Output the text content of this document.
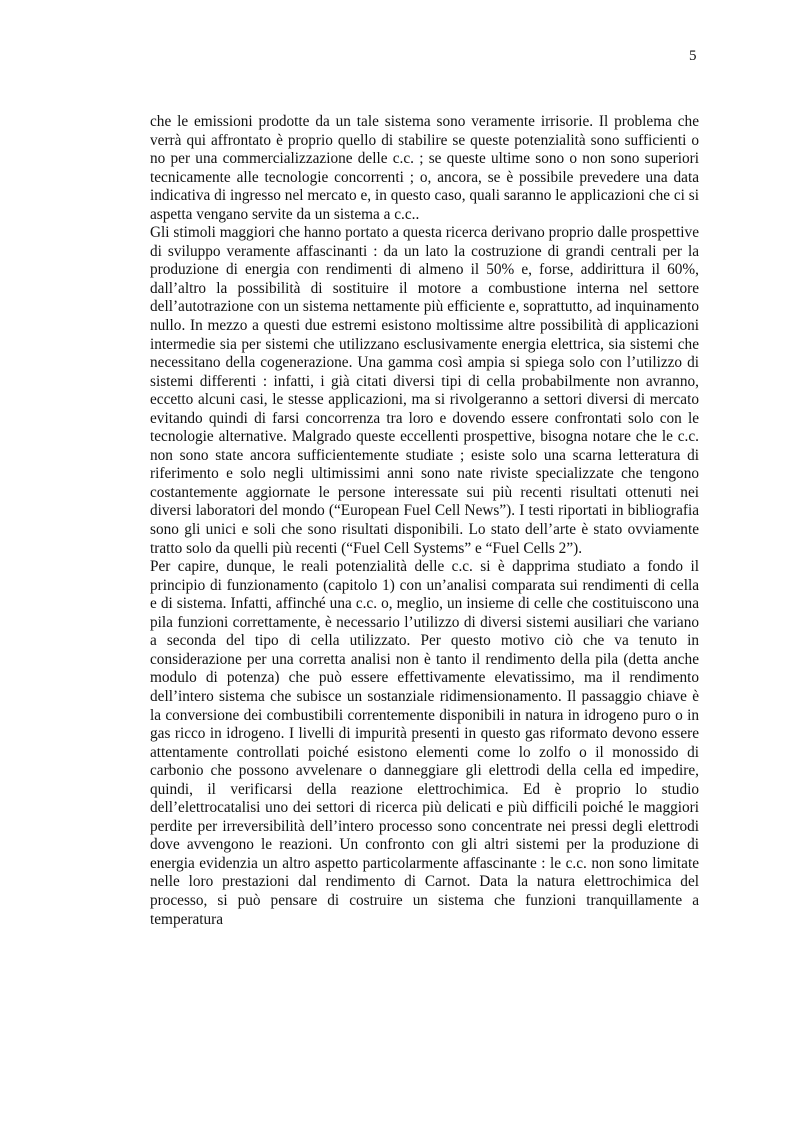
5

che le emissioni prodotte da un tale sistema sono veramente irrisorie. Il problema che verrà qui affrontato è proprio quello di stabilire se queste potenzialità sono sufficienti o no per una commercializzazione delle c.c. ; se queste ultime sono o non sono superiori tecnicamente alle tecnologie concorrenti ; o, ancora, se è possibile prevedere una data indicativa di ingresso nel mercato e, in questo caso, quali saranno le applicazioni che ci si aspetta vengano servite da un sistema a c.c..

Gli stimoli maggiori che hanno portato a questa ricerca derivano proprio dalle prospettive di sviluppo veramente affascinanti : da un lato la costruzione di grandi centrali per la produzione di energia con rendimenti di almeno il 50% e, forse, addirittura il 60%, dall’altro la possibilità di sostituire il motore a combustione interna nel settore dell’autotrazione con un sistema nettamente più efficiente e, soprattutto, ad inquinamento nullo. In mezzo a questi due estremi esistono moltissime altre possibilità di applicazioni intermedie sia per sistemi che utilizzano esclusivamente energia elettrica, sia sistemi che necessitano della cogenerazione. Una gamma così ampia si spiega solo con l’utilizzo di sistemi differenti : infatti, i già citati diversi tipi di cella probabilmente non avranno, eccetto alcuni casi, le stesse applicazioni, ma si rivolgeranno a settori diversi di mercato evitando quindi di farsi concorrenza tra loro e dovendo essere confrontati solo con le tecnologie alternative. Malgrado queste eccellenti prospettive, bisogna notare che le c.c. non sono state ancora sufficientemente studiate ; esiste solo una scarna letteratura di riferimento e solo negli ultimissimi anni sono nate riviste specializzate che tengono costantemente aggiornate le persone interessate sui più recenti risultati ottenuti nei diversi laboratori del mondo (“European Fuel Cell News”). I testi riportati in bibliografia sono gli unici e soli che sono risultati disponibili. Lo stato dell’arte è stato ovviamente tratto solo da quelli più recenti (“Fuel Cell Systems” e “Fuel Cells 2”).

Per capire, dunque, le reali potenzialità delle c.c. si è dapprima studiato a fondo il principio di funzionamento (capitolo 1) con un’analisi comparata sui rendimenti di cella e di sistema. Infatti, affinché una c.c. o, meglio, un insieme di celle che costituiscono una pila funzioni correttamente, è necessario l’utilizzo di diversi sistemi ausiliari che variano a seconda del tipo di cella utilizzato. Per questo motivo ciò che va tenuto in considerazione per una corretta analisi non è tanto il rendimento della pila (detta anche modulo di potenza) che può essere effettivamente elevatissimo, ma il rendimento dell’intero sistema che subisce un sostanziale ridimensionamento. Il passaggio chiave è la conversione dei combustibili correntemente disponibili in natura in idrogeno puro o in gas ricco in idrogeno. I livelli di impurità presenti in questo gas riformato devono essere attentamente controllati poiché esistono elementi come lo zolfo o il monossido di carbonio che possono avvelenare o danneggiare gli elettrodi della cella ed impedire, quindi, il verificarsi della reazione elettrochimica. Ed è proprio lo studio dell’elettrocatalisi uno dei settori di ricerca più delicati e più difficili poiché le maggiori perdite per irreversibilità dell’intero processo sono concentrate nei pressi degli elettrodi dove avvengono le reazioni. Un confronto con gli altri sistemi per la produzione di energia evidenzia un altro aspetto particolarmente affascinante : le c.c. non sono limitate nelle loro prestazioni dal rendimento di Carnot. Data la natura elettrochimica del processo, si può pensare di costruire un sistema che funzioni tranquillamente a temperatura
